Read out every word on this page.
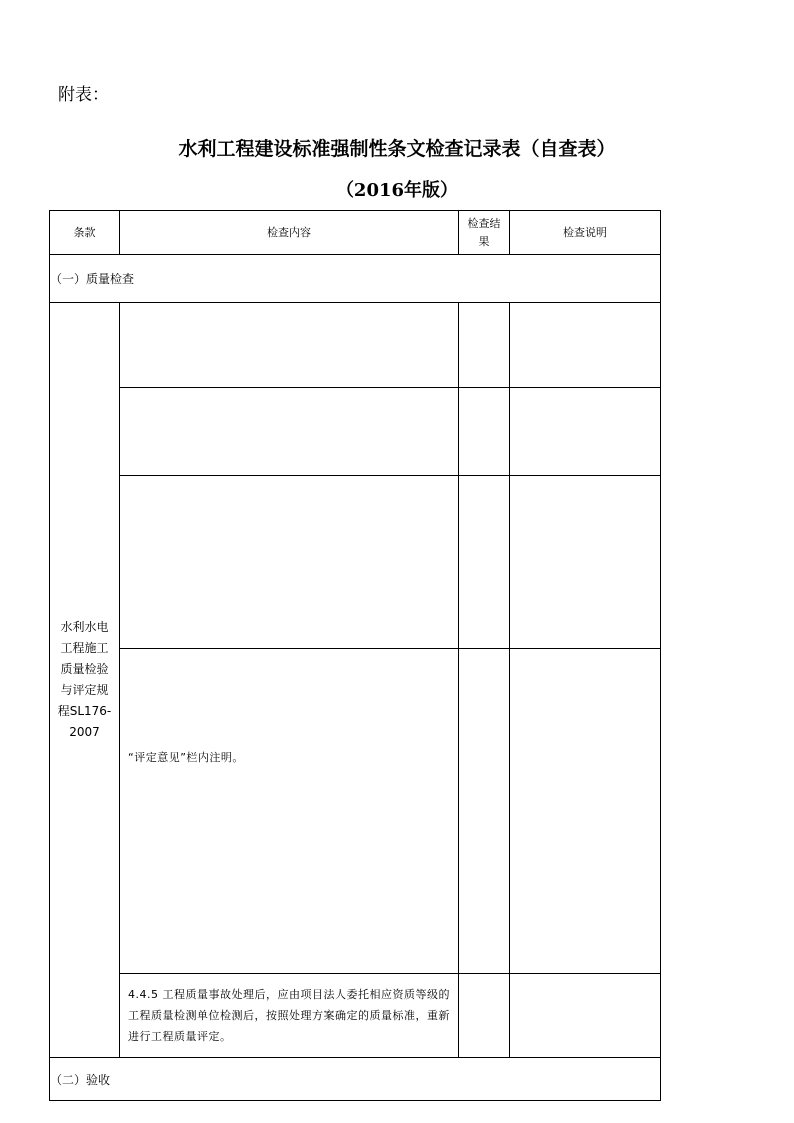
附表：
水利工程建设标准强制性条文检查记录表（自查表）
（2016年版）
条款	检查内容	检查结果	检查说明
（一）质量检查			
水利水电工程施工质量检验与评定规程SL176-2007			

	“评定意见”栏内注明。		
	4.4.5 工程质量事故处理后，应由项目法人委托相应资质等级的工程质量检测单位检测后，按照处理方案确定的质量标准，重新进行工程质量评定。		
（二）验收			
